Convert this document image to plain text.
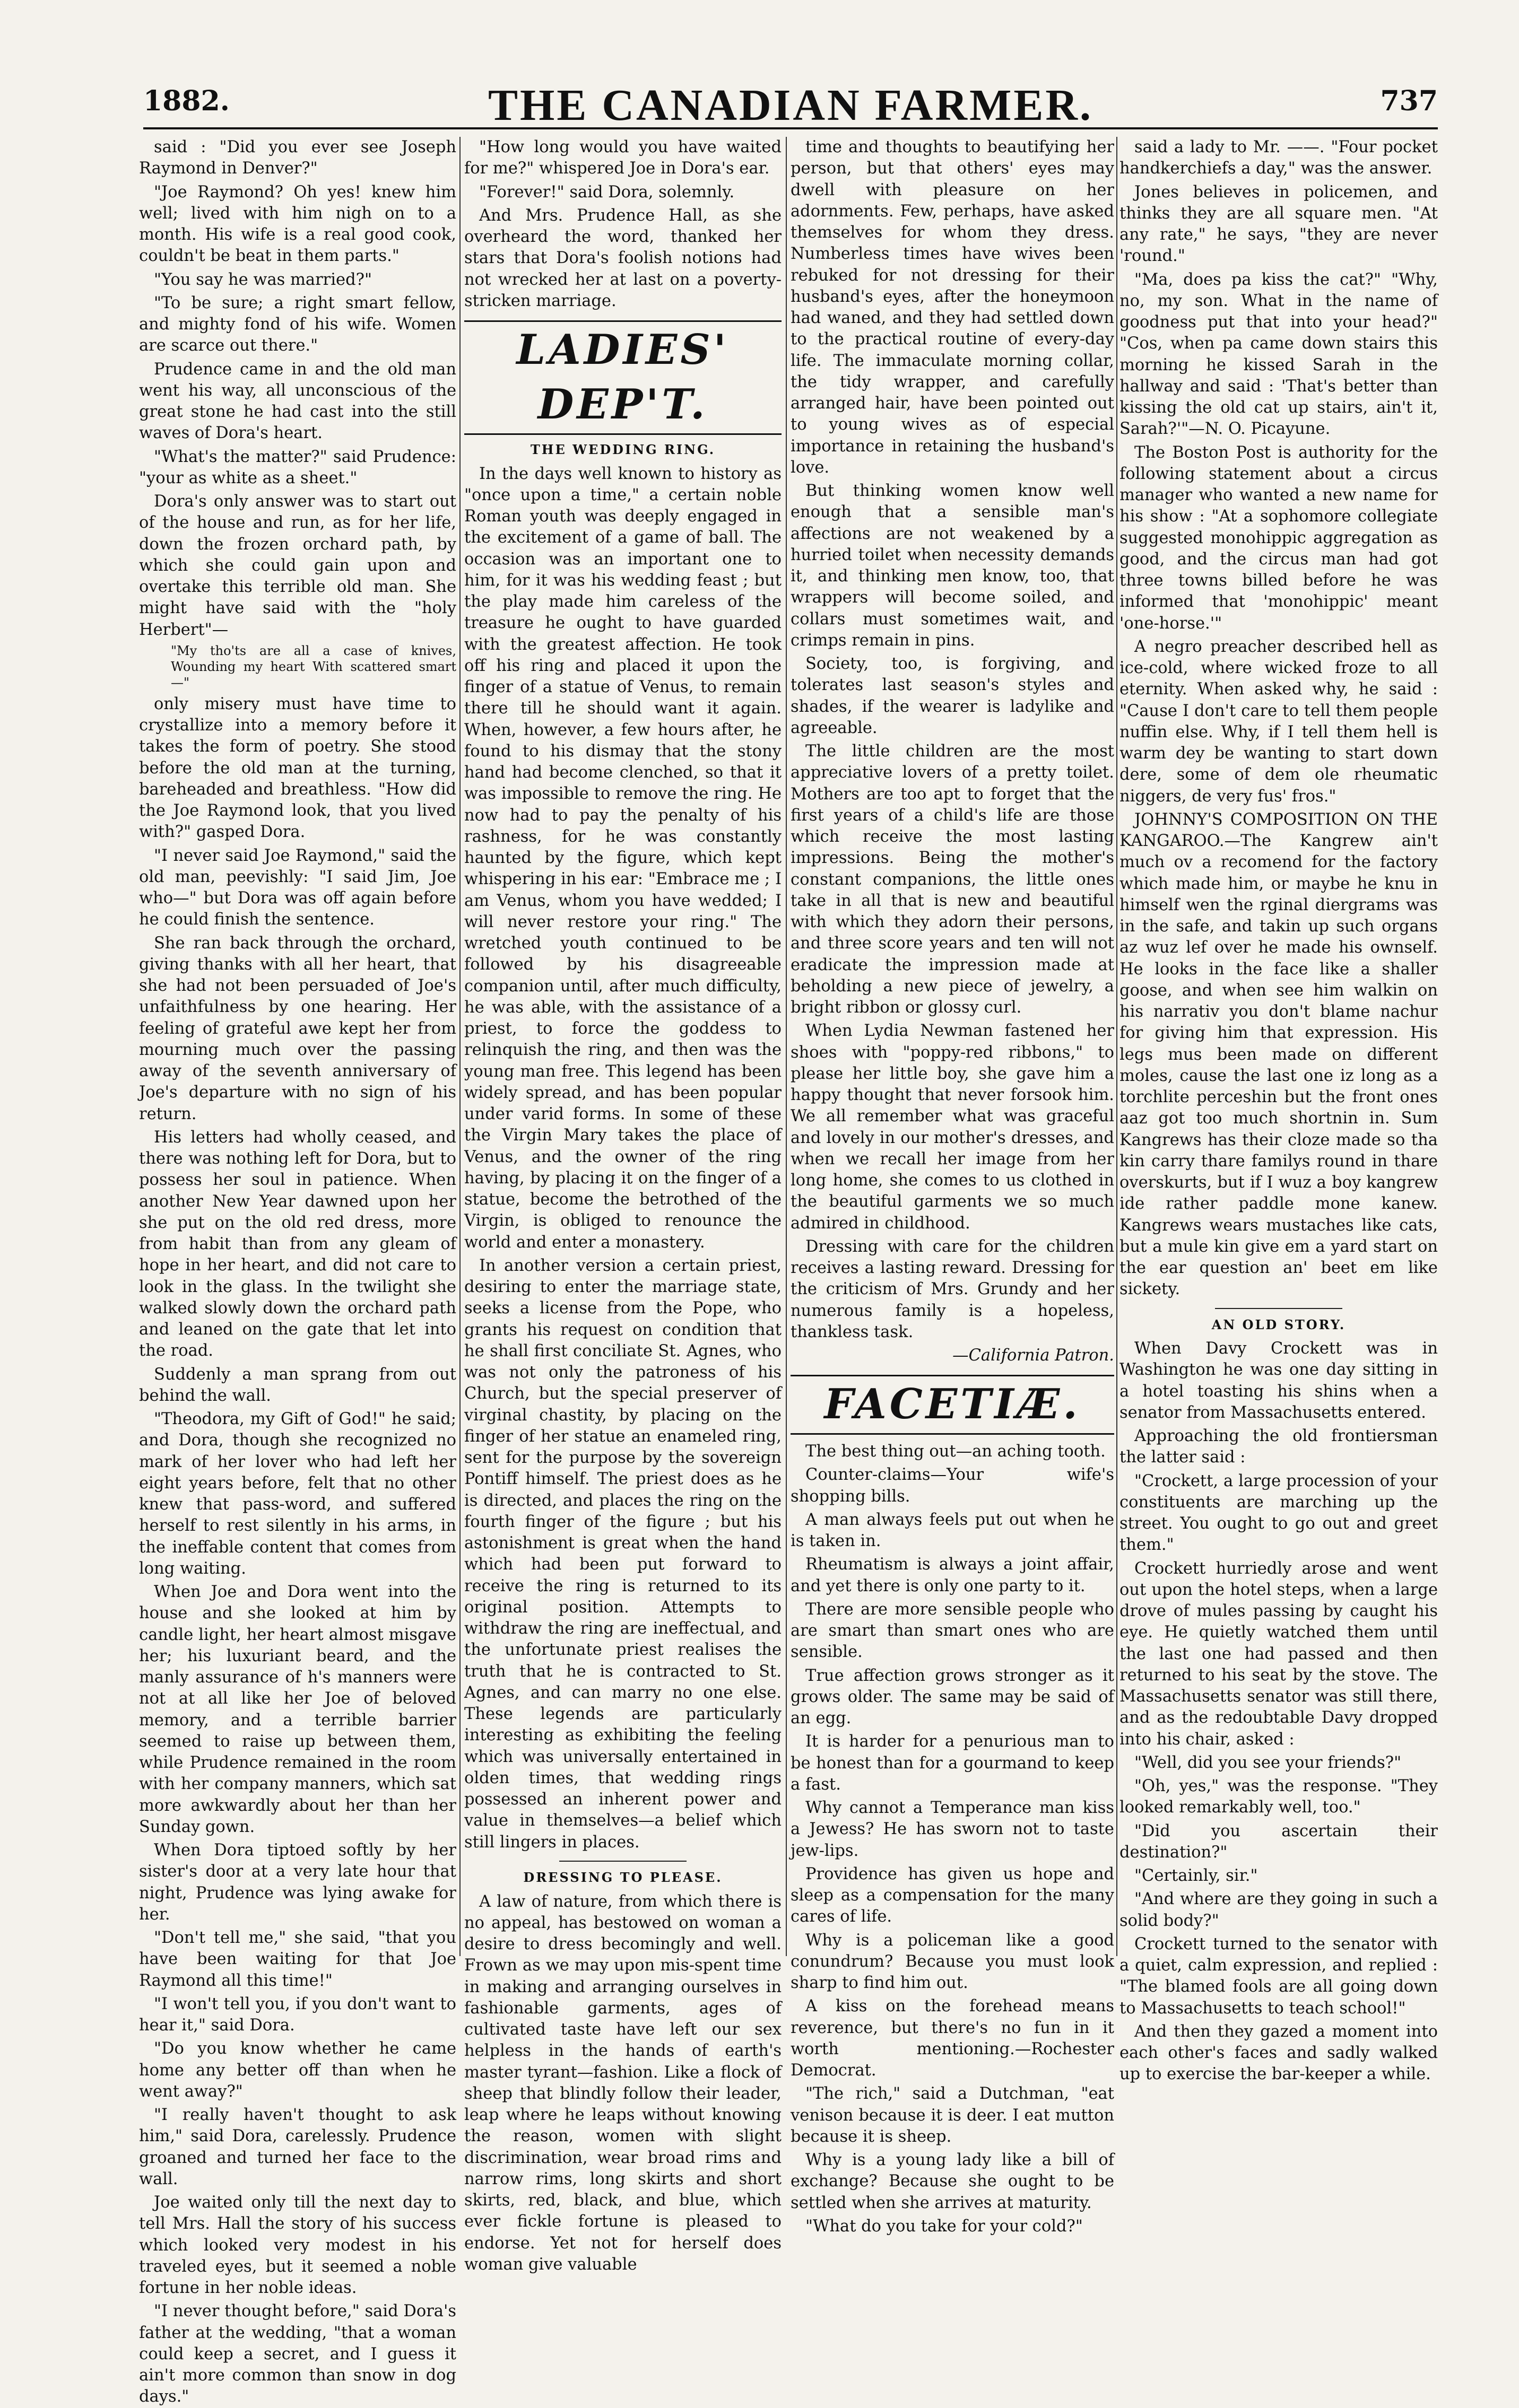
1882.	THE CANADIAN FARMER.	737

said : "Did you ever see Joseph Raymond in Denver?"

"Joe Raymond? Oh yes! knew him well; lived with him nigh on to a month. His wife is a real good cook, couldn't be beat in them parts."

"You say he was married?"

"To be sure; a right smart fellow, and mighty fond of his wife. Women are scarce out there."

Prudence came in and the old man went his way, all unconscious of the great stone he had cast into the still waves of Dora's heart.

"What's the matter?" said Prudence: "your as white as a sheet."

Dora's only answer was to start out of the house and run, as for her life, down the frozen orchard path, by which she could gain upon and overtake this terrible old man. She might have said with the "holy Herbert"—

"My tho'ts are all a case of knives, Wounding my heart With scattered smart—"

only misery must have time to crystallize into a memory before it takes the form of poetry. She stood before the old man at the turning, bareheaded and breathless. "How did the Joe Raymond look, that you lived with?" gasped Dora.

"I never said Joe Raymond," said the old man, peevishly: "I said Jim, Joe who—" but Dora was off again before he could finish the sentence.

She ran back through the orchard, giving thanks with all her heart, that she had not been persuaded of Joe's unfaithfulness by one hearing. Her feeling of grateful awe kept her from mourning much over the passing away of the seventh anniversary of Joe's departure with no sign of his return.

His letters had wholly ceased, and there was nothing left for Dora, but to possess her soul in patience. When another New Year dawned upon her she put on the old red dress, more from habit than from any gleam of hope in her heart, and did not care to look in the glass. In the twilight she walked slowly down the orchard path and leaned on the gate that let into the road.

Suddenly a man sprang from out behind the wall.

"Theodora, my Gift of God!" he said; and Dora, though she recognized no mark of her lover who had left her eight years before, felt that no other knew that pass-word, and suffered herself to rest silently in his arms, in the ineffable content that comes from long waiting.

When Joe and Dora went into the house and she looked at him by candle light, her heart almost misgave her; his luxuriant beard, and the manly assurance of h's manners were not at all like her Joe of beloved memory, and a terrible barrier seemed to raise up between them, while Prudence remained in the room with her company manners, which sat more awkwardly about her than her Sunday gown.

When Dora tiptoed softly by her sister's door at a very late hour that night, Prudence was lying awake for her.

"Don't tell me," she said, "that you have been waiting for that Joe Raymond all this time!"

"I won't tell you, if you don't want to hear it," said Dora.

"Do you know whether he came home any better off than when he went away?"

"I really haven't thought to ask him," said Dora, carelessly. Prudence groaned and turned her face to the wall.

Joe waited only till the next day to tell Mrs. Hall the story of his success which looked very modest in his traveled eyes, but it seemed a noble fortune in her noble ideas.

"I never thought before," said Dora's father at the wedding, "that a woman could keep a secret, and I guess it ain't more common than snow in dog days."

"How long would you have waited for me?" whispered Joe in Dora's ear.

"Forever!" said Dora, solemnly.

And Mrs. Prudence Hall, as she overheard the word, thanked her stars that Dora's foolish notions had not wrecked her at last on a poverty-stricken marriage.

LADIES' DEP'T.
THE WEDDING RING.

In the days well known to history as "once upon a time," a certain noble Roman youth was deeply engaged in the excitement of a game of ball. The occasion was an important one to him, for it was his wedding feast ; but the play made him careless of the treasure he ought to have guarded with the greatest affection. He took off his ring and placed it upon the finger of a statue of Venus, to remain there till he should want it again. When, however, a few hours after, he found to his dismay that the stony hand had become clenched, so that it was impossible to remove the ring. He now had to pay the penalty of his rashness, for he was constantly haunted by the figure, which kept whispering in his ear: "Embrace me ; I am Venus, whom you have wedded; I will never restore your ring." The wretched youth continued to be followed by his disagreeable companion until, after much difficulty, he was able, with the assistance of a priest, to force the goddess to relinquish the ring, and then was the young man free. This legend has been widely spread, and has been popular under varid forms. In some of these the Virgin Mary takes the place of Venus, and the owner of the ring having, by placing it on the finger of a statue, become the betrothed of the Virgin, is obliged to renounce the world and enter a monastery.

In another version a certain priest, desiring to enter the marriage state, seeks a license from the Pope, who grants his request on condition that he shall first conciliate St. Agnes, who was not only the patroness of his Church, but the special preserver of virginal chastity, by placing on the finger of her statue an enameled ring, sent for the purpose by the sovereign Pontiff himself. The priest does as he is directed, and places the ring on the fourth finger of the figure ; but his astonishment is great when the hand which had been put forward to receive the ring is returned to its original position. Attempts to withdraw the ring are ineffectual, and the unfortunate priest realises the truth that he is contracted to St. Agnes, and can marry no one else. These legends are particularly interesting as exhibiting the feeling which was universally entertained in olden times, that wedding rings possessed an inherent power and value in themselves—a belief which still lingers in places.

DRESSING TO PLEASE.

A law of nature, from which there is no appeal, has bestowed on woman a desire to dress becomingly and well. Frown as we may upon mis-spent time in making and arranging ourselves in fashionable garments, ages of cultivated taste have left our sex helpless in the hands of earth's master tyrant—fashion. Like a flock of sheep that blindly follow their leader, leap where he leaps without knowing the reason, women with slight discrimination, wear broad rims and narrow rims, long skirts and short skirts, red, black, and blue, which ever fickle fortune is pleased to endorse. Yet not for herself does woman give valuable

time and thoughts to beautifying her person, but that others' eyes may dwell with pleasure on her adornments. Few, perhaps, have asked themselves for whom they dress. Numberless times have wives been rebuked for not dressing for their husband's eyes, after the honeymoon had waned, and they had settled down to the practical routine of every-day life. The immaculate morning collar, the tidy wrapper, and carefully arranged hair, have been pointed out to young wives as of especial importance in retaining the husband's love.

But thinking women know well enough that a sensible man's affections are not weakened by a hurried toilet when necessity demands it, and thinking men know, too, that wrappers will become soiled, and collars must sometimes wait, and crimps remain in pins.

Society, too, is forgiving, and tolerates last season's styles and shades, if the wearer is ladylike and agreeable.

The little children are the most appreciative lovers of a pretty toilet. Mothers are too apt to forget that the first years of a child's life are those which receive the most lasting impressions. Being the mother's constant companions, the little ones take in all that is new and beautiful with which they adorn their persons, and three score years and ten will not eradicate the impression made at beholding a new piece of jewelry, a bright ribbon or glossy curl.

When Lydia Newman fastened her shoes with "poppy-red ribbons," to please her little boy, she gave him a happy thought that never forsook him. We all remember what was graceful and lovely in our mother's dresses, and when we recall her image from her long home, she comes to us clothed in the beautiful garments we so much admired in childhood.

Dressing with care for the children receives a lasting reward. Dressing for the criticism of Mrs. Grundy and her numerous family is a hopeless, thankless task.

—California Patron.

FACETIÆ.

The best thing out—an aching tooth.

Counter-claims—Your wife's shopping bills.

A man always feels put out when he is taken in.

Rheumatism is always a joint affair, and yet there is only one party to it.

There are more sensible people who are smart than smart ones who are sensible.

True affection grows stronger as it grows older. The same may be said of an egg.

It is harder for a penurious man to be honest than for a gourmand to keep a fast.

Why cannot a Temperance man kiss a Jewess? He has sworn not to taste jew-lips.

Providence has given us hope and sleep as a compensation for the many cares of life.

Why is a policeman like a good conundrum? Because you must look sharp to find him out.

A kiss on the forehead means reverence, but there's no fun in it worth mentioning.—Rochester Democrat.

"The rich," said a Dutchman, "eat venison because it is deer. I eat mutton because it is sheep.

Why is a young lady like a bill of exchange? Because she ought to be settled when she arrives at maturity.

"What do you take for your cold?"

said a lady to Mr. ——. "Four pocket handkerchiefs a day," was the answer.

Jones believes in policemen, and thinks they are all square men. "At any rate," he says, "they are never 'round."

"Ma, does pa kiss the cat?" "Why, no, my son. What in the name of goodness put that into your head?" "Cos, when pa came down stairs this morning he kissed Sarah in the hallway and said : 'That's better than kissing the old cat up stairs, ain't it, Sarah?'"—N. O. Picayune.

The Boston Post is authority for the following statement about a circus manager who wanted a new name for his show : "At a sophomore collegiate suggested monohippic aggregation as good, and the circus man had got three towns billed before he was informed that 'monohippic' meant 'one-horse.'"

A negro preacher described hell as ice-cold, where wicked froze to all eternity. When asked why, he said : "Cause I don't care to tell them people nuffin else. Why, if I tell them hell is warm dey be wanting to start down dere, some of dem ole rheumatic niggers, de very fus' fros."

JOHNNY'S COMPOSITION ON THE KANGAROO.—The Kangrew ain't much ov a recomend for the factory which made him, or maybe he knu in himself wen the rginal diergrams was in the safe, and takin up such organs az wuz lef over he made his ownself. He looks in the face like a shaller goose, and when see him walkin on his narrativ you don't blame nachur for giving him that expression. His legs mus been made on different moles, cause the last one iz long as a torchlite perceshin but the front ones aaz got too much shortnin in. Sum Kangrews has their cloze made so tha kin carry thare familys round in thare overskurts, but if I wuz a boy kangrew ide rather paddle mone kanew. Kangrews wears mustaches like cats, but a mule kin give em a yard start on the ear question an' beet em like sickety.

AN OLD STORY.

When Davy Crockett was in Washington he was one day sitting in a hotel toasting his shins when a senator from Massachusetts entered.

Approaching the old frontiersman the latter said :

"Crockett, a large procession of your constituents are marching up the street. You ought to go out and greet them."

Crockett hurriedly arose and went out upon the hotel steps, when a large drove of mules passing by caught his eye. He quietly watched them until the last one had passed and then returned to his seat by the stove. The Massachusetts senator was still there, and as the redoubtable Davy dropped into his chair, asked :

"Well, did you see your friends?"

"Oh, yes," was the response. "They looked remarkably well, too."

"Did you ascertain their destination?"

"Certainly, sir."

"And where are they going in such a solid body?"

Crockett turned to the senator with a quiet, calm expression, and replied : "The blamed fools are all going down to Massachusetts to teach school!"

And then they gazed a moment into each other's faces and sadly walked up to exercise the bar-keeper a while.
